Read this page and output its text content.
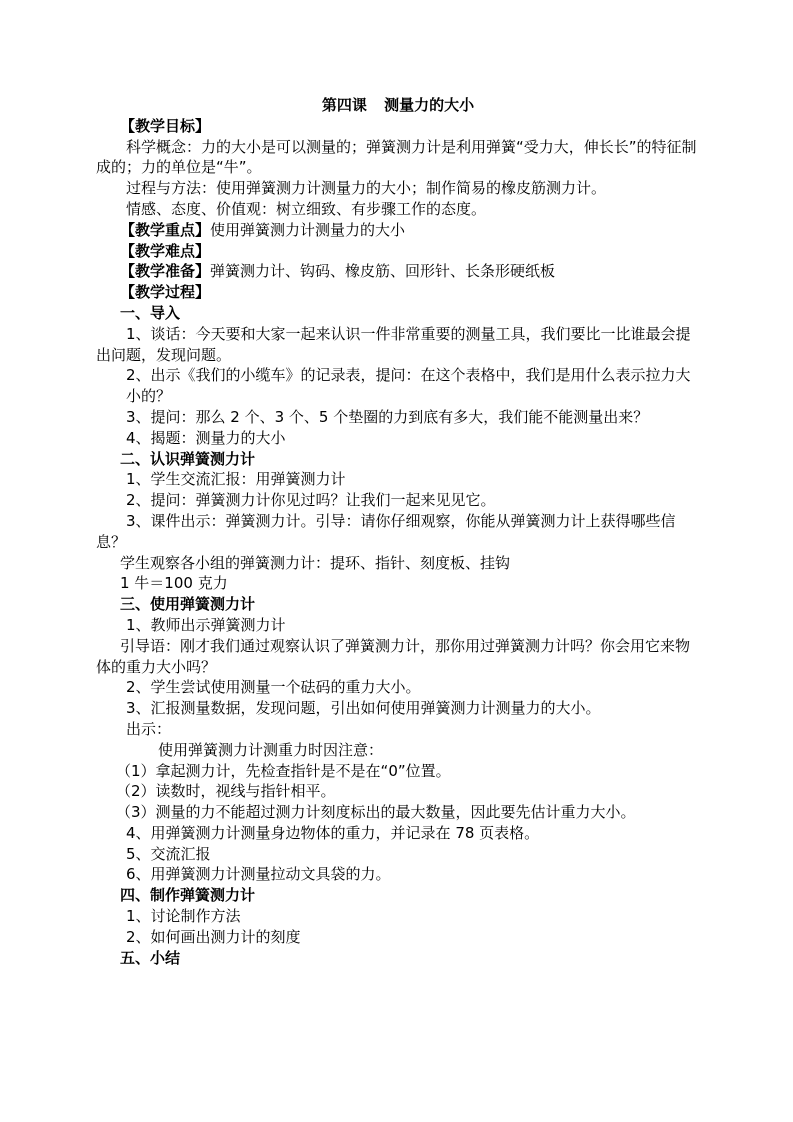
第四课 测量力的大小
【教学目标】
科学概念：力的大小是可以测量的；弹簧测力计是利用弹簧“受力大，伸长长”的特征制成的；力的单位是“牛”。
过程与方法：使用弹簧测力计测量力的大小；制作简易的橡皮筋测力计。
情感、态度、价值观：树立细致、有步骤工作的态度。
【教学重点】使用弹簧测力计测量力的大小
【教学难点】
【教学准备】弹簧测力计、钩码、橡皮筋、回形针、长条形硬纸板
【教学过程】
一、导入
1、谈话：今天要和大家一起来认识一件非常重要的测量工具，我们要比一比谁最会提出问题，发现问题。
2、出示《我们的小缆车》的记录表，提问：在这个表格中，我们是用什么表示拉力大小的？
3、提问：那么 2 个、3 个、5 个垫圈的力到底有多大，我们能不能测量出来？
4、揭题：测量力的大小
二、认识弹簧测力计
1、学生交流汇报：用弹簧测力计
2、提问：弹簧测力计你见过吗？让我们一起来见见它。
3、课件出示：弹簧测力计。引导：请你仔细观察，你能从弹簧测力计上获得哪些信息？
学生观察各小组的弹簧测力计：提环、指针、刻度板、挂钩
1 牛＝100 克力
三、使用弹簧测力计
1、教师出示弹簧测力计
引导语：刚才我们通过观察认识了弹簧测力计，那你用过弹簧测力计吗？你会用它来物体的重力大小吗？
2、学生尝试使用测量一个砝码的重力大小。
3、汇报测量数据，发现问题，引出如何使用弹簧测力计测量力的大小。
出示：
使用弹簧测力计测重力时因注意：
（1）拿起测力计，先检查指针是不是在“0”位置。
（2）读数时，视线与指针相平。
（3）测量的力不能超过测力计刻度标出的最大数量，因此要先估计重力大小。
4、用弹簧测力计测量身边物体的重力，并记录在 78 页表格。
5、交流汇报
6、用弹簧测力计测量拉动文具袋的力。
四、制作弹簧测力计
1、讨论制作方法
2、如何画出测力计的刻度
五、小结
